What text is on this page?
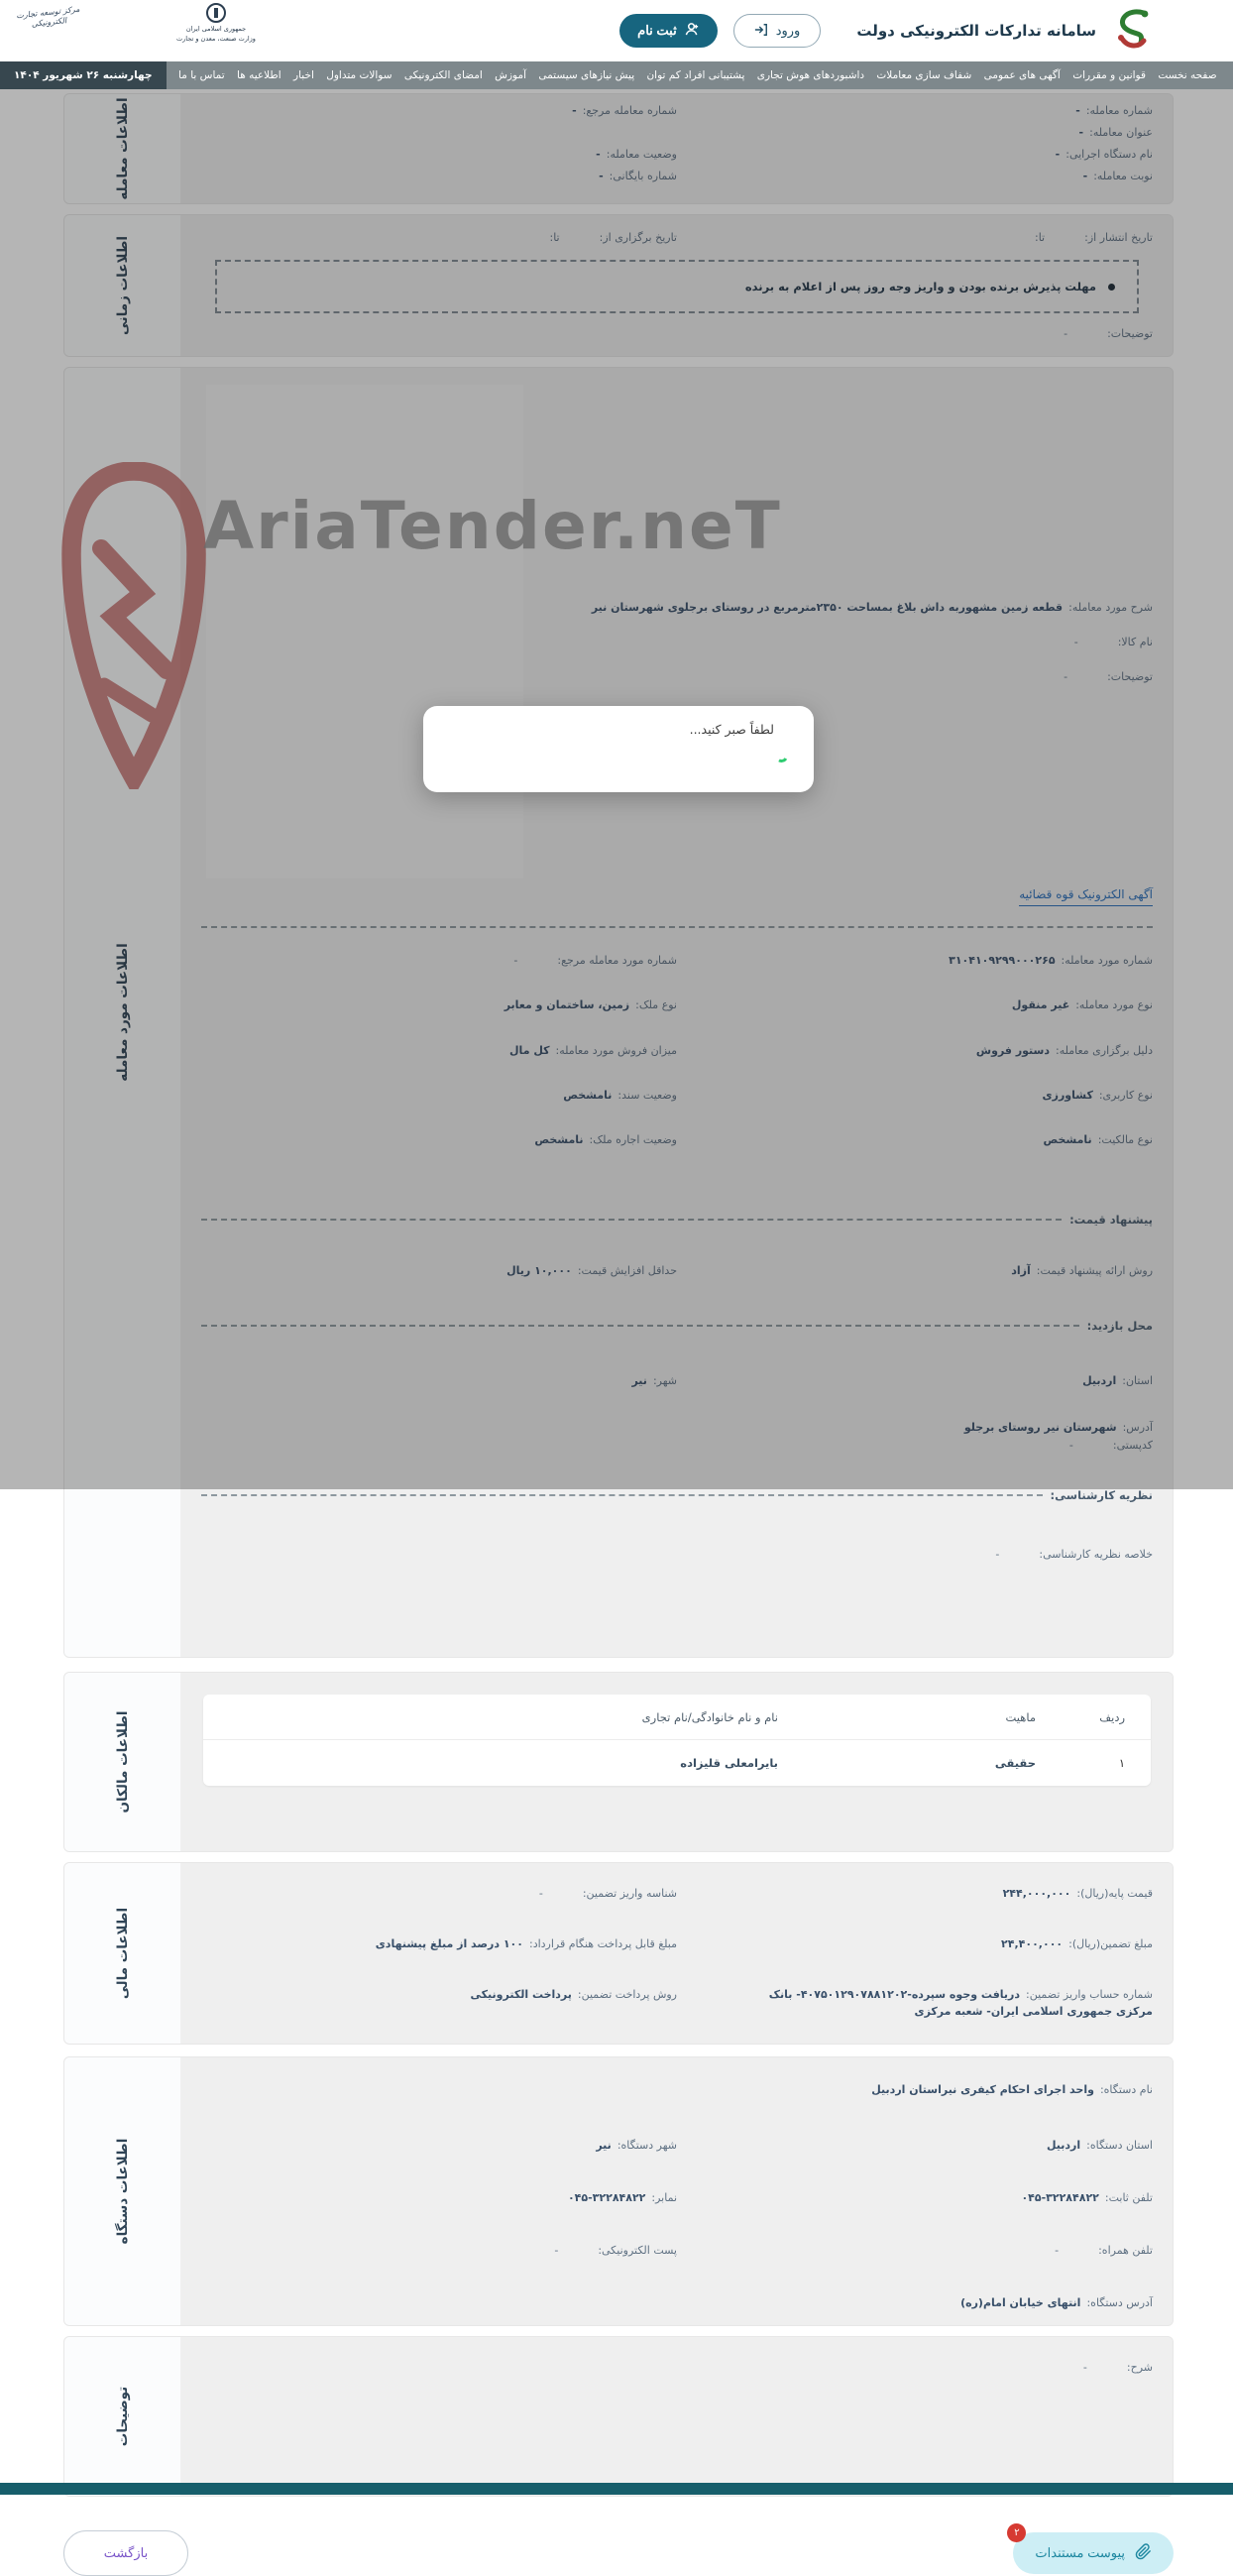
مرکز توسعه تجارت الکترونیکی	جمهوری اسلامی ایران
وزارت صنعت، معدن و تجارت	سامانه تدارکات الکترونیکی دولت
ورود
ثبت نام
صفحه نخست
قوانین و مقررات
آگهی های عمومی
شفاف سازی معاملات
داشبوردهای هوش تجاری
پشتیبانی افراد کم توان
پیش نیازهای سیستمی
آموزش
امضای الکترونیکی
سوالات متداول
اخبار
اطلاعیه ها
تماس با ما
چهارشنبه ۲۶ شهریور ۱۴۰۴
شماره معامله:-
شماره معامله مرجع:-
عنوان معامله:-
نام دستگاه اجرایی:-
وضعیت معامله:-
نوبت معامله:-
شماره بایگانی:-
اطلاعات معامله
تاریخ انتشار از:تا:
تاریخ برگزاری از:تا:
مهلت پذیرش برنده بودن و واریز وجه روز پس از اعلام به برنده
توضیحات:-
اطلاعات زمانی
شرح مورد معامله:قطعه زمین مشهوربه داش بلاغ بمساحت ۲۳۵۰مترمربع در روستای برجلوی شهرستان نیر
نام کالا:-
توضیحات:-
آگهی الکترونیک قوه قضائیه
شماره مورد معامله:۳۱۰۴۱۰۹۲۹۹۰۰۰۲۶۵
شماره مورد معامله مرجع:-
نوع مورد معامله:غیر منقول
نوع ملک:زمین، ساختمان و معابر
دلیل برگزاری معامله:دستور فروش
میزان فروش مورد معامله:کل مال
نوع کاربری:کشاورزی
وضعیت سند:نامشخص
نوع مالکیت:نامشخص
وضعیت اجاره ملک:نامشخص
پیشنهاد قیمت:
روش ارائه پیشنهاد قیمت:آزاد
حداقل افزایش قیمت:۱۰,۰۰۰ ریال
محل بازدید:
استان:اردبیل
شهر:نیر
آدرس:شهرستان نیر روستای برجلو
کدپستی:-
نظریه کارشناسی:
خلاصه نظریه کارشناسی:-
اطلاعات مورد معامله
ردیف
ماهیت
نام و نام خانوادگی/نام تجاری
۱
حقیقی
بایرامعلی قلیزاده
اطلاعات مالکان
قیمت پایه(ریال):۲۴۴,۰۰۰,۰۰۰
شناسه واریز تضمین:-
مبلغ تضمین(ریال):۲۴,۴۰۰,۰۰۰
مبلغ قابل پرداخت هنگام قرارداد:۱۰۰ درصد از مبلغ پیشنهادی
شماره حساب واریز تضمین:دریافت وجوه سپرده-۴۰۷۵۰۱۲۹۰۷۸۸۱۲۰۲- بانک مرکزی جمهوری اسلامی ایران- شعبه مرکزی
روش پرداخت تضمین:پرداخت الکترونیکی
اطلاعات مالی
نام دستگاه:واحد اجرای احکام کیفری نیراستان اردبیل
استان دستگاه:اردبیل
شهر دستگاه:نیر
تلفن ثابت:۰۴۵-۳۲۲۸۴۸۲۲
نمابر:۰۴۵-۳۲۲۸۴۸۲۲
تلفن همراه:-
پست الکترونیکی:-
آدرس دستگاه:انتهای خیابان امام(ره)
اطلاعات دستگاه
شرح:-
توضیحات
۲
پیوست مستندات
بازگشت
AriaTender.neT
لطفاً صبر کنید...
